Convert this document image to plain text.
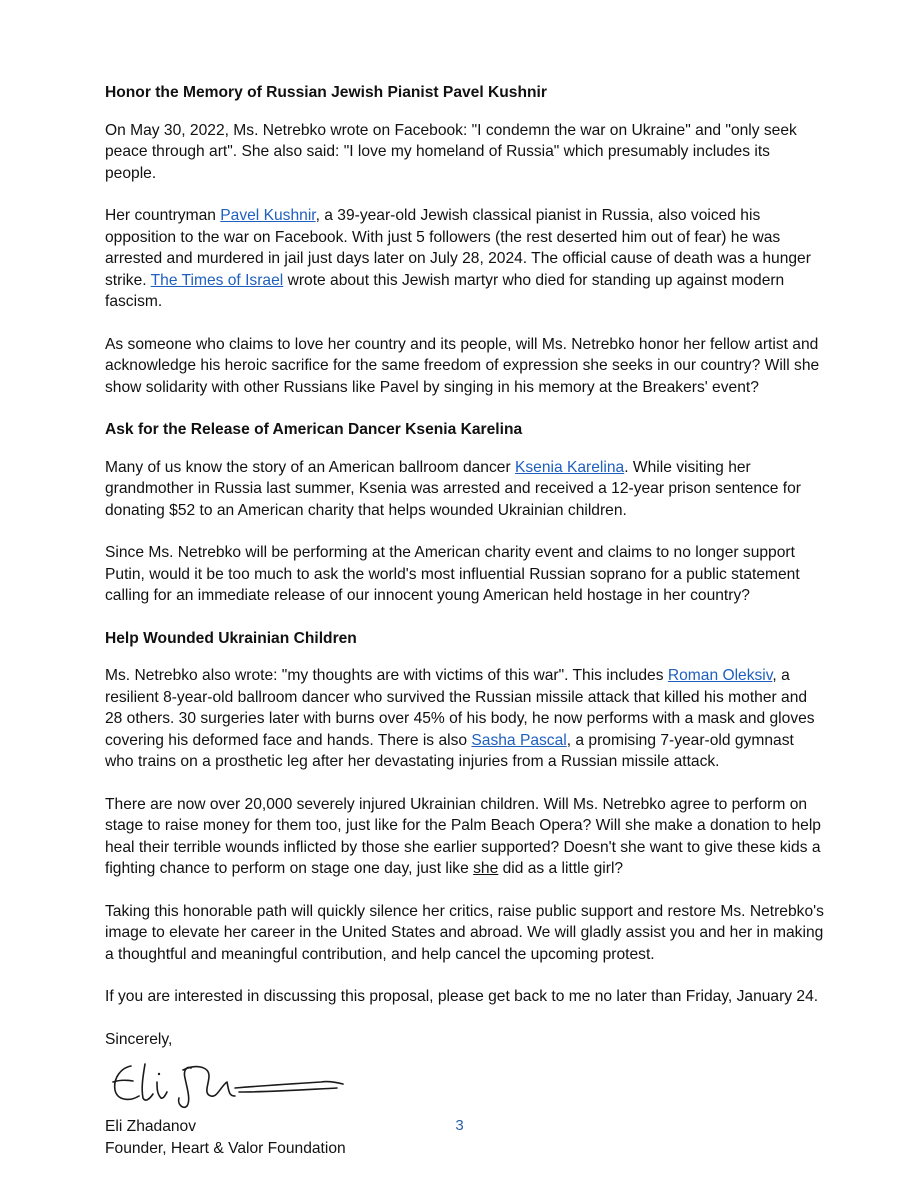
Honor the Memory of Russian Jewish Pianist Pavel Kushnir

On May 30, 2022, Ms. Netrebko wrote on Facebook: "I condemn the war on Ukraine" and "only seek peace through art". She also said: "I love my homeland of Russia" which presumably includes its people.

Her countryman Pavel Kushnir, a 39-year-old Jewish classical pianist in Russia, also voiced his opposition to the war on Facebook. With just 5 followers (the rest deserted him out of fear) he was arrested and murdered in jail just days later on July 28, 2024. The official cause of death was a hunger strike. The Times of Israel wrote about this Jewish martyr who died for standing up against modern fascism.

As someone who claims to love her country and its people, will Ms. Netrebko honor her fellow artist and acknowledge his heroic sacrifice for the same freedom of expression she seeks in our country? Will she show solidarity with other Russians like Pavel by singing in his memory at the Breakers' event?

Ask for the Release of American Dancer Ksenia Karelina

Many of us know the story of an American ballroom dancer Ksenia Karelina. While visiting her grandmother in Russia last summer, Ksenia was arrested and received a 12-year prison sentence for donating $52 to an American charity that helps wounded Ukrainian children.

Since Ms. Netrebko will be performing at the American charity event and claims to no longer support Putin, would it be too much to ask the world's most influential Russian soprano for a public statement calling for an immediate release of our innocent young American held hostage in her country?

Help Wounded Ukrainian Children

Ms. Netrebko also wrote: "my thoughts are with victims of this war". This includes Roman Oleksiv, a resilient 8-year-old ballroom dancer who survived the Russian missile attack that killed his mother and 28 others. 30 surgeries later with burns over 45% of his body, he now performs with a mask and gloves covering his deformed face and hands. There is also Sasha Pascal, a promising 7-year-old gymnast who trains on a prosthetic leg after her devastating injuries from a Russian missile attack.

There are now over 20,000 severely injured Ukrainian children. Will Ms. Netrebko agree to perform on stage to raise money for them too, just like for the Palm Beach Opera? Will she make a donation to help heal their terrible wounds inflicted by those she earlier supported? Doesn't she want to give these kids a fighting chance to perform on stage one day, just like she did as a little girl?

Taking this honorable path will quickly silence her critics, raise public support and restore Ms. Netrebko's image to elevate her career in the United States and abroad. We will gladly assist you and her in making a thoughtful and meaningful contribution, and help cancel the upcoming protest.

If you are interested in discussing this proposal, please get back to me no later than Friday, January 24.

Sincerely,

Eli Zhadanov

Founder, Heart & Valor Foundation

3
